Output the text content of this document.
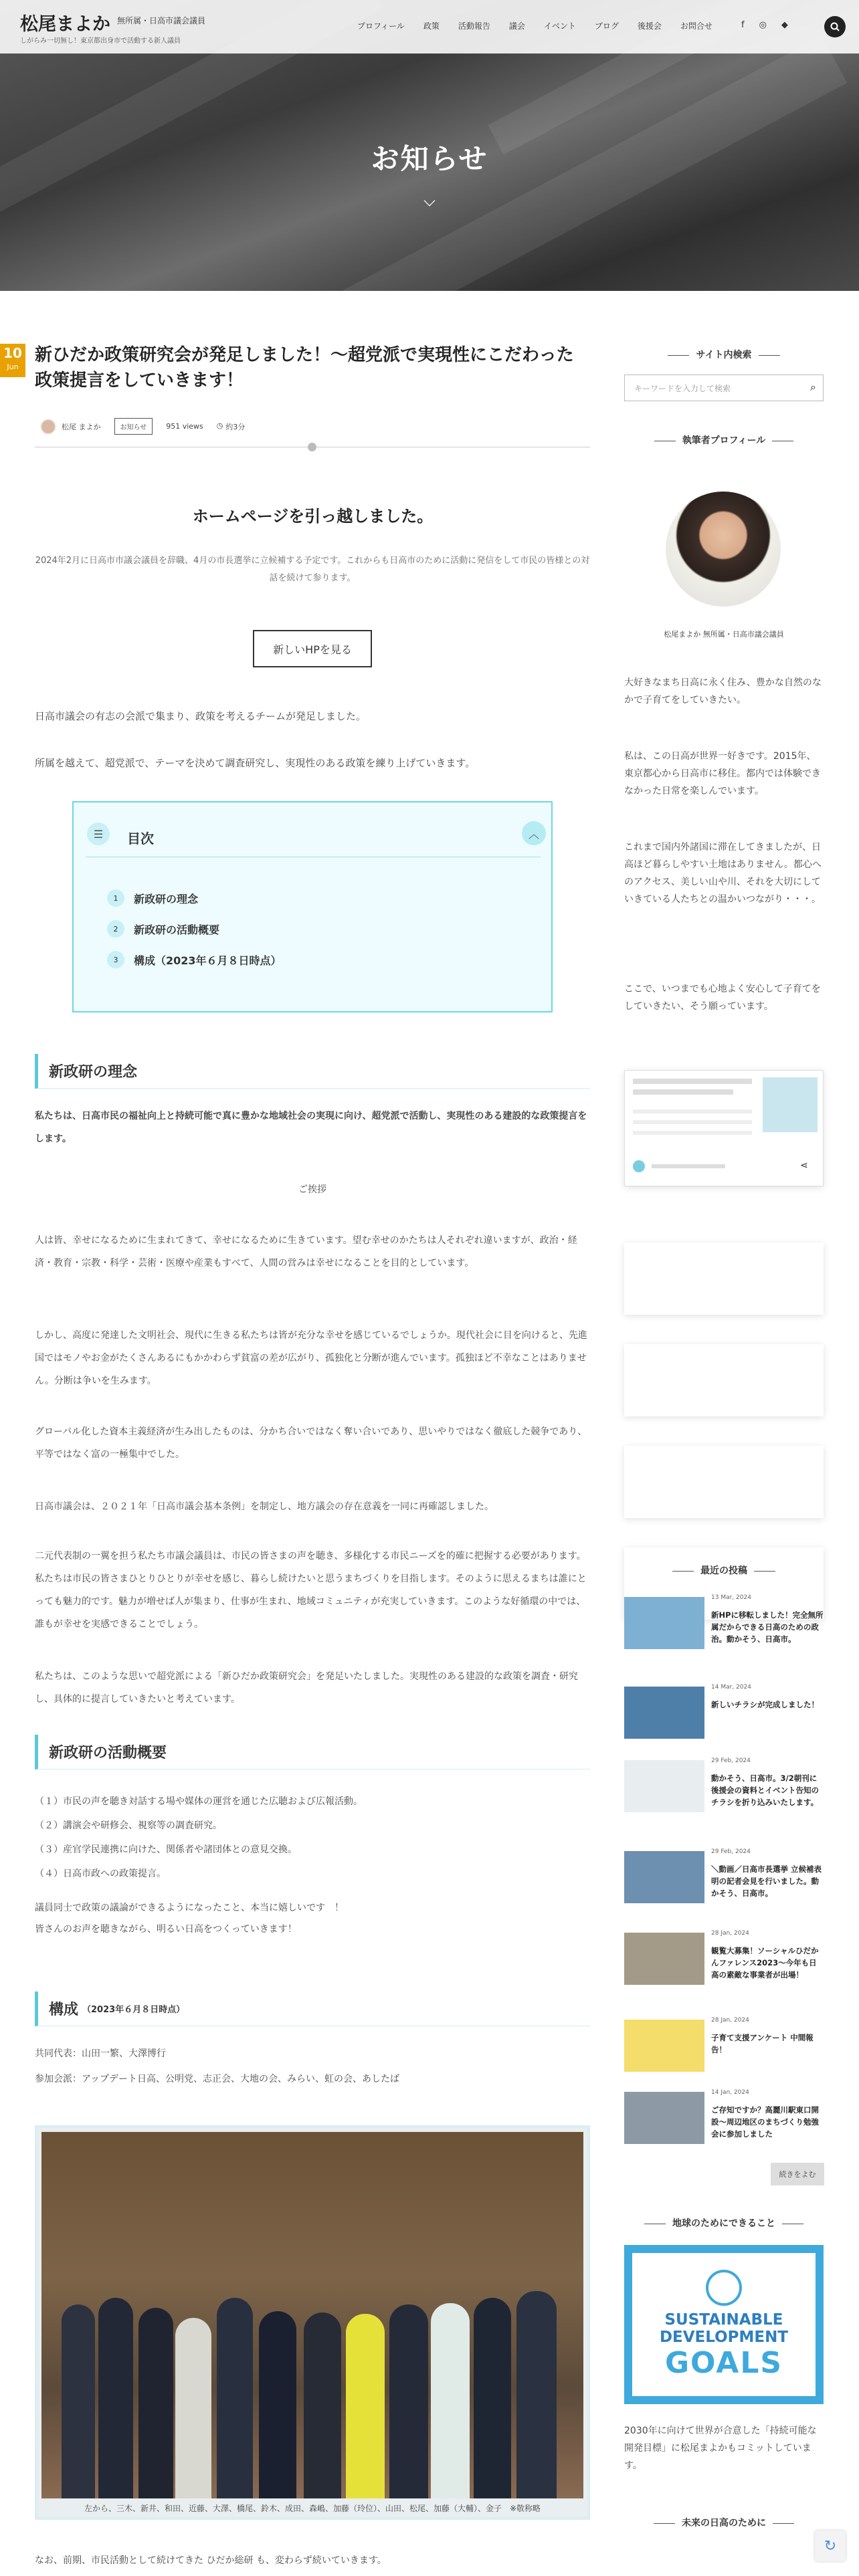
松尾まよか 無所属・日高市議会議員
しがらみ一切無し！東京都出身市で活動する新人議員
プロフィール	政策	活動報告	議会	イベント	ブログ	後援会	お問合せ	f ◎ ◆
お知らせ
10
Jun
新ひだか政策研究会が発足しました！〜超党派で実現性にこだわった政策提言をしていきます！
松尾 まよか	お知らせ	951 views ◷ 約3分
ホームページを引っ越しました。
2024年2月に日高市市議会議員を辞職、4月の市長選挙に立候補する予定です。これからも日高市のために活動に発信をして市民の皆様との対話を続けて参ります。
新しいHPを見る
日高市議会の有志の会派で集まり、政策を考えるチームが発足しました。
所属を越えて、超党派で、テーマを決めて調査研究し、実現性のある政策を練り上げていきます。
☰	目次	︿
1	新政研の理念
2	新政研の活動概要
3	構成（2023年６月８日時点）
新政研の理念
私たちは、日高市民の福祉向上と持続可能で真に豊かな地域社会の実現に向け、超党派で活動し、実現性のある建設的な政策提言をします。
ご挨拶
人は皆、幸せになるために生まれてきて、幸せになるために生きています。望む幸せのかたちは人それぞれ違いますが、政治・経済・教育・宗教・科学・芸術・医療や産業もすべて、人間の営みは幸せになることを目的としています。
しかし、高度に発達した文明社会、現代に生きる私たちは皆が充分な幸せを感じているでしょうか。現代社会に目を向けると、先進国ではモノやお金がたくさんあるにもかかわらず貧富の差が広がり、孤独化と分断が進んでいます。孤独ほど不幸なことはありません。分断は争いを生みます。
グローバル化した資本主義経済が生み出したものは、分かち合いではなく奪い合いであり、思いやりではなく徹底した競争であり、平等ではなく富の一極集中でした。
日高市議会は、２０２１年「日高市議会基本条例」を制定し、地方議会の存在意義を一同に再確認しました。
二元代表制の一翼を担う私たち市議会議員は、市民の皆さまの声を聴き、多様化する市民ニーズを的確に把握する必要があります。私たちは市民の皆さまひとりひとりが幸せを感じ、暮らし続けたいと思うまちづくりを目指します。そのように思えるまちは誰にとっても魅力的です。魅力が増せば人が集まり、仕事が生まれ、地域コミュニティが充実していきます。このような好循環の中では、誰もが幸せを実感できることでしょう。
私たちは、このような思いで超党派による「新ひだか政策研究会」を発足いたしました。実現性のある建設的な政策を調査・研究し、具体的に提言していきたいと考えています。
新政研の活動概要
（１）市民の声を聴き対話する場や媒体の運営を通じた広聴および広報活動。
（２）講演会や研修会、視察等の調査研究。
（３）産官学民連携に向けた、関係者や諸団体との意見交換。
（４）日高市政への政策提言。
議員同士で政策の議論ができるようになったこと、本当に嬉しいです　！
皆さんのお声を聴きながら、明るい日高をつくっていきます！
構成 （2023年６月８日時点）
共同代表：山田一繁、大澤博行
参加会派：アップデート日高、公明党、志正会、大地の会、みらい、虹の会、あしたば
左から、三木、新井、和田、近藤、大澤、橋尾、鈴木、成田、森嶋、加藤（玲位）、山田、松尾、加藤（大輔）、金子　※敬称略
なお、前期、市民活動として続けてきた ひだか総研 も、変わらず続いていきます。
サイト内検索
キーワードを入力して検索	⌕
執筆者プロフィール
松尾まよか 無所属・日高市議会議員
大好きなまち日高に永く住み、豊かな自然のなかで子育てをしていきたい。
私は、この日高が世界一好きです。2015年、東京都心から日高市に移住。都内では体験できなかった日常を楽しんでいます。
これまで国内外諸国に滞在してきましたが、日高ほど暮らしやすい土地はありません。都心へのアクセス、美しい山や川、それを大切にしていきている人たちとの温かいつながり・・・。
ここで、いつまでも心地よく安心して子育てをしていきたい、そう願っています。
⋖
最近の投稿
13 Mar, 2024
新HPに移転しました！完全無所属だからできる日高のための政治。動かそう、日高市。
14 Mar, 2024
新しいチラシが完成しました！
29 Feb, 2024
動かそう、日高市。3/2朝刊に後援会の資料とイベント告知のチラシを折り込みいたします。
29 Feb, 2024
＼動画／日高市長選挙 立候補表明の記者会見を行いました。動かそう、日高市。
28 Jan, 2024
観覧大募集！ソーシャルひだかんファレンス2023〜今年も日高の素敵な事業者が出場！
28 Jan, 2024
子育て支援アンケート 中間報告！
14 Jan, 2024
ご存知ですか？高麗川駅東口開設〜周辺地区のまちづくり勉強会に参加しました
続きをよむ
地球のためにできること
SUSTAINABLE
DEVELOPMENT
GOALS
2030年に向けて世界が合意した「持続可能な開発目標」に松尾まよかもコミットしています。
未来の日高のために
↻
